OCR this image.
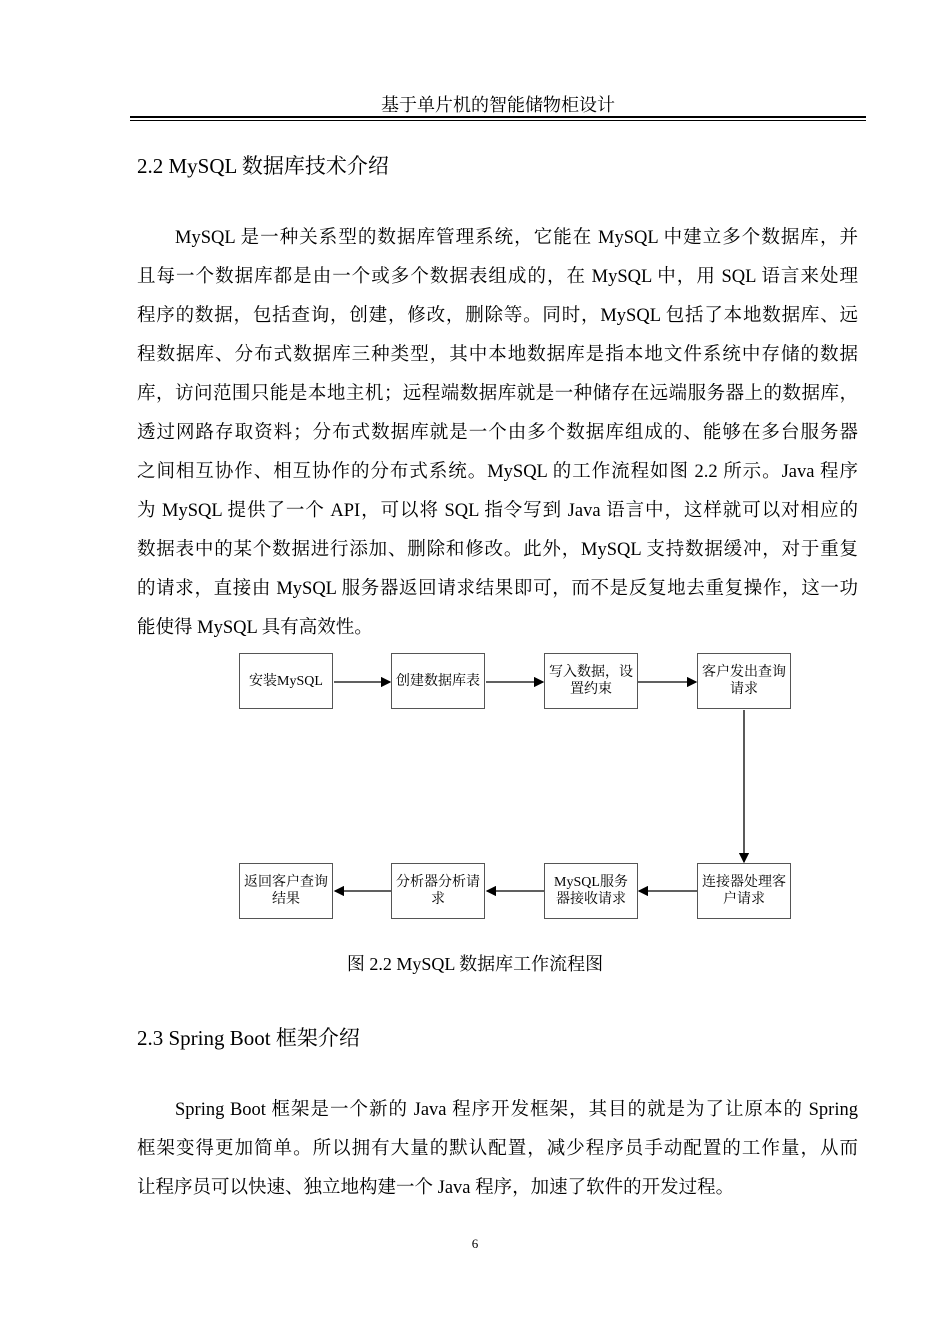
基于单片机的智能储物柜设计
2.2 MySQL 数据库技术介绍
MySQL 是一种关系型的数据库管理系统，它能在 MySQL 中建立多个数据库，并
且每一个数据库都是由一个或多个数据表组成的，在 MySQL 中，用 SQL 语言来处理
程序的数据，包括查询，创建，修改，删除等。同时，MySQL 包括了本地数据库、远
程数据库、分布式数据库三种类型，其中本地数据库是指本地文件系统中存储的数据
库，访问范围只能是本地主机；远程端数据库就是一种储存在远端服务器上的数据库，
透过网路存取资料；分布式数据库就是一个由多个数据库组成的、能够在多台服务器
之间相互协作、相互协作的分布式系统。MySQL 的工作流程如图 2.2 所示。Java 程序
为 MySQL 提供了一个 API，可以将 SQL 指令写到 Java 语言中，这样就可以对相应的
数据表中的某个数据进行添加、删除和修改。此外，MySQL 支持数据缓冲，对于重复
的请求，直接由 MySQL 服务器返回请求结果即可，而不是反复地去重复操作，这一功
能使得 MySQL 具有高效性。
安装MySQL	创建数据库表
写入数据，设置约束
客户发出查询请求
返回客户查询结果
分析器分析请求
MySQL服务器接收请求
连接器处理客户请求
图 2.2 MySQL 数据库工作流程图
2.3 Spring Boot 框架介绍
Spring Boot 框架是一个新的 Java 程序开发框架，其目的就是为了让原本的 Spring
框架变得更加简单。所以拥有大量的默认配置，减少程序员手动配置的工作量，从而
让程序员可以快速、独立地构建一个 Java 程序，加速了软件的开发过程。
6
